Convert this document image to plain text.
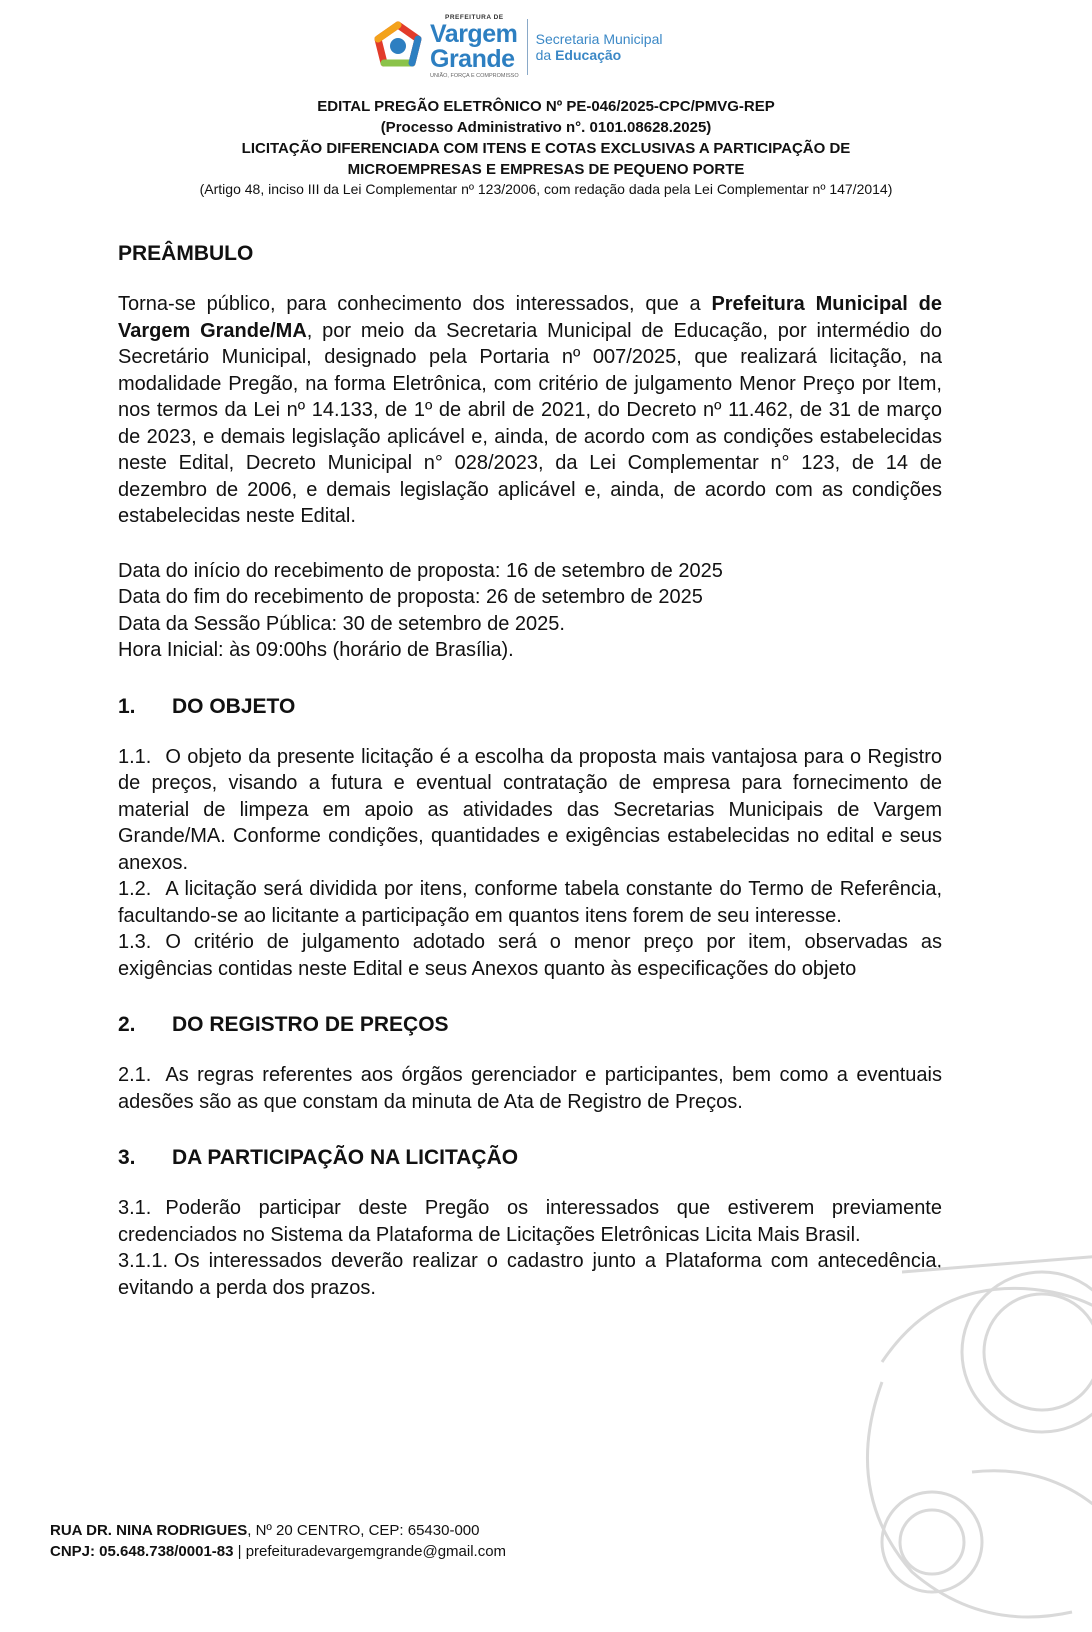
PREFEITURA DE
Vargem
Grande
UNIÃO, FORÇA E COMPROMISSO
Secretaria Municipal
da Educação

EDITAL PREGÃO ELETRÔNICO Nº PE-046/2025-CPC/PMVG-REP

(Processo Administrativo n°. 0101.08628.2025)

LICITAÇÃO DIFERENCIADA COM ITENS E COTAS EXCLUSIVAS A PARTICIPAÇÃO DE

MICROEMPRESAS E EMPRESAS DE PEQUENO PORTE

(Artigo 48, inciso III da Lei Complementar nº 123/2006, com redação dada pela Lei Complementar nº 147/2014)

PREÂMBULO

Torna-se público, para conhecimento dos interessados, que a Prefeitura Municipal de Vargem Grande/MA, por meio da Secretaria Municipal de Educação, por intermédio do Secretário Municipal, designado pela Portaria nº 007/2025, que realizará licitação, na modalidade Pregão, na forma Eletrônica, com critério de julgamento Menor Preço por Item, nos termos da Lei nº 14.133, de 1º de abril de 2021, do Decreto nº 11.462, de 31 de março de 2023, e demais legislação aplicável e, ainda, de acordo com as condições estabelecidas neste Edital, Decreto Municipal n° 028/2023, da Lei Complementar n° 123, de 14 de dezembro de 2006, e demais legislação aplicável e, ainda, de acordo com as condições estabelecidas neste Edital.

Data do início do recebimento de proposta: 16 de setembro de 2025

Data do fim do recebimento de proposta: 26 de setembro de 2025

Data da Sessão Pública: 30 de setembro de 2025.

Hora Inicial: às 09:00hs (horário de Brasília).

1.	DO OBJETO

1.1. O objeto da presente licitação é a escolha da proposta mais vantajosa para o Registro de preços, visando a futura e eventual contratação de empresa para fornecimento de material de limpeza em apoio as atividades das Secretarias Municipais de Vargem Grande/MA. Conforme condições, quantidades e exigências estabelecidas no edital e seus anexos.

1.2. A licitação será dividida por itens, conforme tabela constante do Termo de Referência, facultando-se ao licitante a participação em quantos itens forem de seu interesse.

1.3. O critério de julgamento adotado será o menor preço por item, observadas as exigências contidas neste Edital e seus Anexos quanto às especificações do objeto

2.	DO REGISTRO DE PREÇOS

2.1. As regras referentes aos órgãos gerenciador e participantes, bem como a eventuais adesões são as que constam da minuta de Ata de Registro de Preços.

3.	DA PARTICIPAÇÃO NA LICITAÇÃO

3.1. Poderão participar deste Pregão os interessados que estiverem previamente credenciados no Sistema da Plataforma de Licitações Eletrônicas Licita Mais Brasil.

3.1.1. Os interessados deverão realizar o cadastro junto a Plataforma com antecedência, evitando a perda dos prazos.

RUA DR. NINA RODRIGUES, Nº 20 CENTRO, CEP: 65430-000
CNPJ: 05.648.738/0001-83 | prefeituradevargemgrande@gmail.com
